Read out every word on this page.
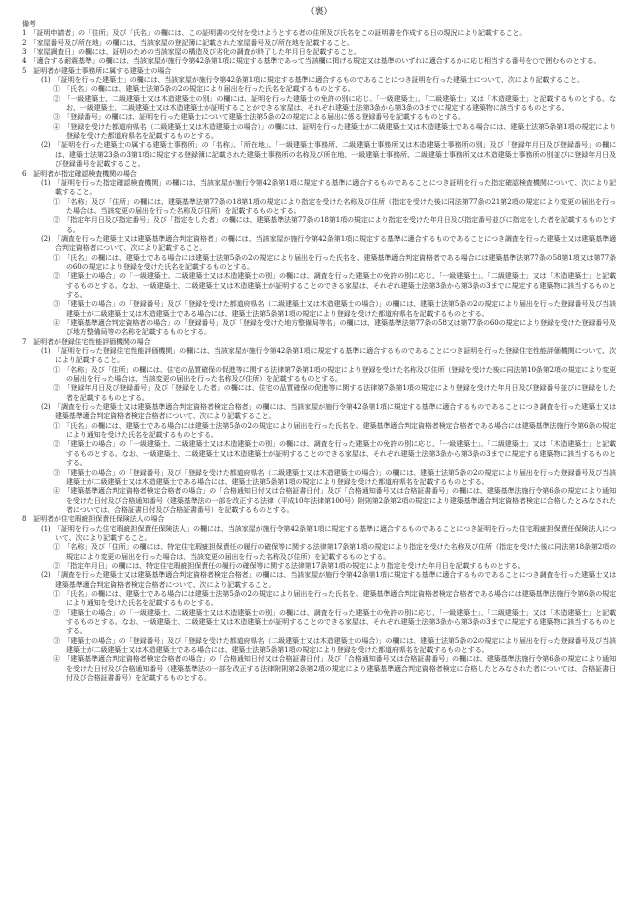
（裏）
備考

1　「証明申請者」の「住所」及び「氏名」の欄には、この証明書の交付を受けようとする者の住所及び氏名をこの証明書を作成する日の現況により記載すること。

2　「家屋番号及び所在地」の欄には、当該家屋の登記簿に記載された家屋番号及び所在地を記載すること。

3　「家屋調査日」の欄には、証明のための当該家屋の構造及び劣化の調査が終了した年月日を記載すること。

4　「適合する耐震基準」の欄には、当該家屋が施行令第42条第1項に規定する基準であって当該欄に掲げる規定又は基準のいずれに適合するかに応じ相当する番号を○で囲むものとする。

5　証明者が建築士事務所に属する建築士の場合

(1)　「証明を行った建築士」の欄には、当該家屋が施行令第42条第1項に規定する基準に適合するものであることにつき証明を行った建築士について、次により記載すること。

①　「氏名」の欄には、建築士法第5条の2の規定により届出を行った氏名を記載するものとする。

②　「一級建築士、二級建築士又は木造建築士の別」の欄には、証明を行った建築士の免許の別に応じ、「一級建築士」、「二級建築士」又は「木造建築士」と記載するものとする。なお、一級建築士、二級建築士又は木造建築士が証明することができる家屋は、それぞれ建築士法第3条から第3条の3までに規定する建築物に該当するものとする。

③　「登録番号」の欄には、証明を行った建築士について建築士法第5条の2の規定による届出に係る登録番号を記載するものとする。

④　「登録を受けた都道府県名（二級建築士又は木造建築士の場合）」の欄には、証明を行った建築士が二級建築士又は木造建築士である場合には、建築士法第5条第1項の規定により登録を受けた都道府県名を記載するものとする。

(2)　「証明を行った建築士の属する建築士事務所」の「名称」、「所在地」、「一級建築士事務所、二級建築士事務所又は木造建築士事務所の別」及び「登録年月日及び登録番号」の欄には、建築士法第23条の3第1項に規定する登録簿に記載された建築士事務所の名称及び所在地、一級建築士事務所、二級建築士事務所又は木造建築士事務所の別並びに登録年月日及び登録番号を記載すること。

6　証明者が指定確認検査機関の場合

(1)　「証明を行った指定確認検査機関」の欄には、当該家屋が施行令第42条第1項に規定する基準に適合するものであることにつき証明を行った指定確認検査機関について、次により記載すること。

①　「名称」及び「住所」の欄には、建築基準法第77条の18第1項の規定により指定を受けた名称及び住所（指定を受けた後に同法第77条の21第2項の規定により変更の届出を行った場合は、当該変更の届出を行った名称及び住所）を記載するものとする。

②　「指定年月日及び指定番号」及び「指定をした者」の欄には、建築基準法第77条の18第1項の規定により指定を受けた年月日及び指定番号並びに指定をした者を記載するものとする。

(2)　「調査を行った建築士又は建築基準適合判定資格者」の欄には、当該家屋が施行令第42条第1項に規定する基準に適合するものであることにつき調査を行った建築士又は建築基準適合判定資格者について、次により記載すること。

①　「氏名」の欄には、建築士である場合には建築士法第5条の2の規定により届出を行った氏名を、建築基準適合判定資格者である場合には建築基準法第77条の58第1項又は第77条の60の規定により登録を受けた氏名を記載するものとする。

②　「建築士の場合」の「一級建築士、二級建築士又は木造建築士の別」の欄には、調査を行った建築士の免許の別に応じ、「一級建築士」、「二級建築士」又は「木造建築士」と記載するものとする。なお、一級建築士、二級建築士又は木造建築士が証明することのできる家屋は、それぞれ建築士法第3条から第3条の3までに規定する建築物に該当するものとする。

③　「建築士の場合」の「登録番号」及び「登録を受けた都道府県名（二級建築士又は木造建築士の場合）」の欄には、建築士法第5条の2の規定により届出を行った登録番号及び当該建築士が二級建築士又は木造建築士である場合には、建築士法第5条第1項の規定により登録を受けた都道府県名を記載するものとする。

④　「建築基準適合判定資格者の場合」の「登録番号」及び「登録を受けた地方整備局等名」の欄には、建築基準法第77条の58又は第77条の60の規定により登録を受けた登録番号及び地方整備局等の名称を記載するものとする。

7　証明者が登録住宅性能評価機関の場合

(1)　「証明を行った登録住宅性能評価機関」の欄には、当該家屋が施行令第42条第1項に規定する基準に適合するものであることにつき証明を行った登録住宅性能評価機関について、次により記載すること。

①　「名称」及び「住所」の欄には、住宅の品質確保の促進等に関する法律第7条第1項の規定により登録を受けた名称及び住所（登録を受けた後に同法第10条第2項の規定により変更の届出を行った場合は、当該変更の届出を行った名称及び住所）を記載するものとする。

②　「登録年月日及び登録番号」及び「登録をした者」の欄には、住宅の品質確保の促進等に関する法律第7条第1項の規定により登録を受けた年月日及び登録番号並びに登録をした者を記載するものとする。

(2)　「調査を行った建築士又は建築基準適合判定資格者検定合格者」の欄には、当該家屋が施行令第42条第1項に規定する基準に適合するものであることにつき調査を行った建築士又は建築基準適合判定資格者検定合格者について、次により記載すること。

①　「氏名」の欄には、建築士である場合には建築士法第5条の2の規定により届出を行った氏名を、建築基準適合判定資格者検定合格者である場合には建築基準法施行令第6条の規定により通知を受けた氏名を記載するものとする。

②　「建築士の場合」の「一級建築士、二級建築士又は木造建築士の別」の欄には、調査を行った建築士の免許の別に応じ、「一級建築士」、「二級建築士」又は「木造建築士」と記載するものとする。なお、一級建築士、二級建築士又は木造建築士が証明することのできる家屋は、それぞれ建築士法第3条から第3条の3までに規定する建築物に該当するものとする。

③　「建築士の場合」の「登録番号」及び「登録を受けた都道府県名（二級建築士又は木造建築士の場合）」の欄には、建築士法第5条の2の規定により届出を行った登録番号及び当該建築士が二級建築士又は木造建築士である場合には、建築士法第5条第1項の規定により登録を受けた都道府県名を記載するものとする。

④　「建築基準適合判定資格者検定合格者の場合」の「合格通知日付又は合格証書日付」及び「合格通知番号又は合格証書番号」の欄には、建築基準法施行令第6条の規定により通知を受けた日付及び合格通知番号（建築基準法の一部を改正する法律（平成10年法律第100号）附則第2条第2項の規定により建築基準適合判定資格者検定に合格したとみなされた者については、合格証書日付及び合格証書番号）を記載するものとする。

8　証明者が住宅瑕疵担保責任保険法人の場合

(1)　「証明を行った住宅瑕疵担保責任保険法人」の欄には、当該家屋が施行令第42条第1項に規定する基準に適合するものであることにつき証明を行った住宅瑕疵担保責任保険法人について、次により記載すること。

①　「名称」及び「住所」の欄には、特定住宅瑕疵担保責任の履行の確保等に関する法律第17条第1項の規定により指定を受けた名称及び住所（指定を受けた後に同法第18条第2項の規定により変更の届出を行った場合は、当該変更の届出を行った名称及び住所）を記載するものとする。

②　「指定年月日」の欄には、特定住宅瑕疵担保責任の履行の確保等に関する法律第17条第1項の規定により指定を受けた年月日を記載するものとする。

(2)　「調査を行った建築士又は建築基準適合判定資格者検定合格者」の欄には、当該家屋が施行令第42条第1項に規定する基準に適合するものであることにつき調査を行った建築士又は建築基準適合判定資格者検定合格者について、次により記載すること。

①　「氏名」の欄には、建築士である場合には建築士法第5条の2の規定により届出を行った氏名を、建築基準適合判定資格者検定合格者である場合には建築基準法施行令第6条の規定により通知を受けた氏名を記載するものとする。

②　「建築士の場合」の「一級建築士、二級建築士又は木造建築士の別」の欄には、調査を行った建築士の免許の別に応じ、「一級建築士」、「二級建築士」又は「木造建築士」と記載するものとする。なお、一級建築士、二級建築士又は木造建築士が証明することのできる家屋は、それぞれ建築士法第3条から第3条の3までに規定する建築物に該当するものとする。

③　「建築士の場合」の「登録番号」及び「登録を受けた都道府県名（二級建築士又は木造建築士の場合）」の欄には、建築士法第5条の2の規定により届出を行った登録番号及び当該建築士が二級建築士又は木造建築士である場合には、建築士法第5条第1項の規定により登録を受けた都道府県名を記載するものとする。

④　「建築基準適合判定資格者検定合格者の場合」の「合格通知日付又は合格証書日付」及び「合格通知番号又は合格証書番号」の欄には、建築基準法施行令第6条の規定により通知を受けた日付及び合格通知番号（建築基準法の一部を改正する法律附則第2条第2項の規定により建築基準適合判定資格者検定に合格したとみなされた者については、合格証書日付及び合格証書番号）を記載するものとする。
